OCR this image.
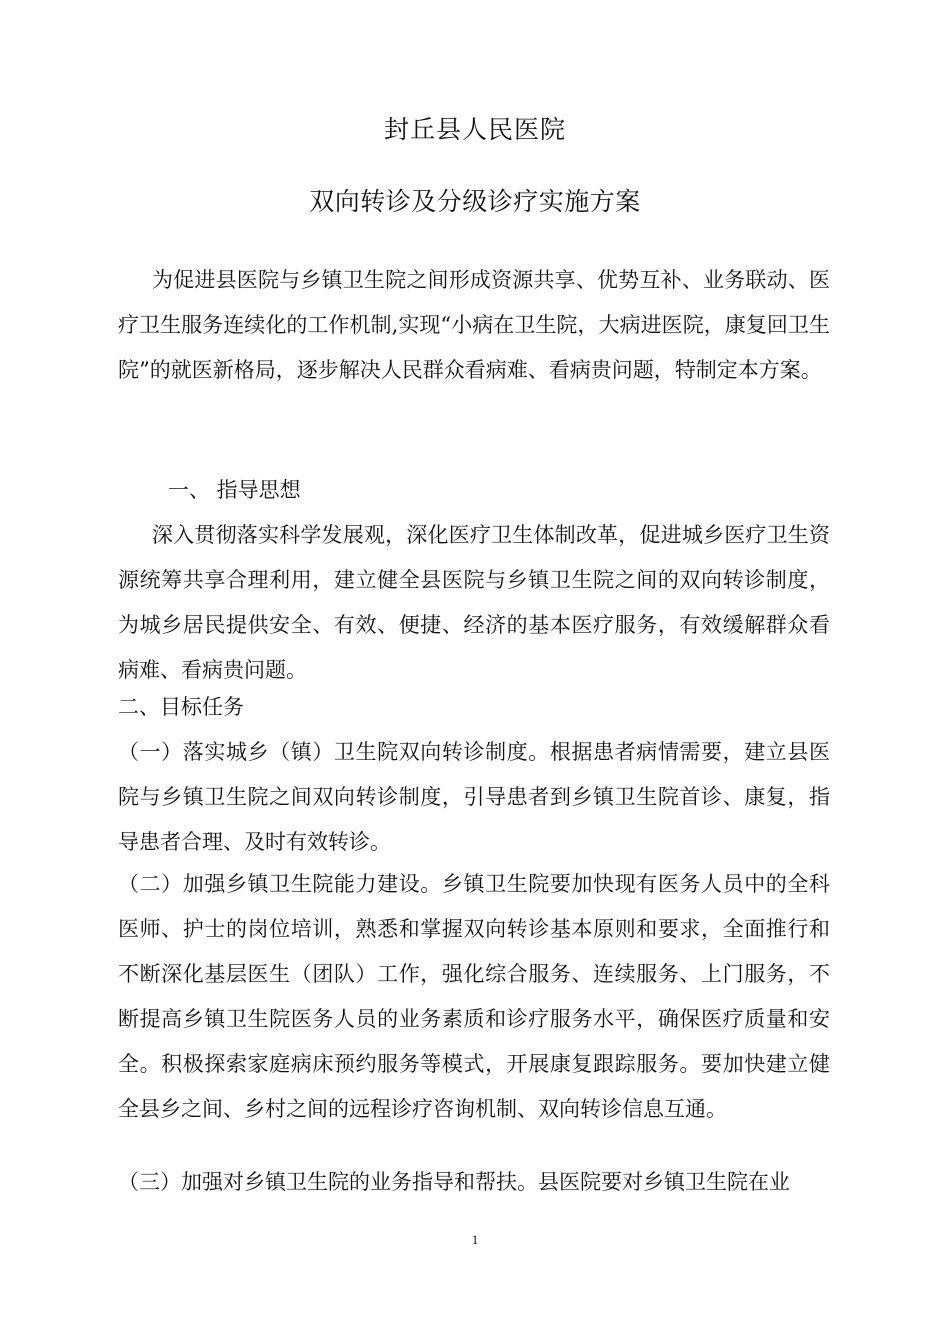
封丘县人民医院
双向转诊及分级诊疗实施方案

为促进县医院与乡镇卫生院之间形成资源共享、优势互补、业务联动、医疗卫生服务连续化的工作机制,实现“小病在卫生院，大病进医院，康复回卫生院”的就医新格局，逐步解决人民群众看病难、看病贵问题，特制定本方案。

一、 指导思想

深入贯彻落实科学发展观，深化医疗卫生体制改革，促进城乡医疗卫生资源统筹共享合理利用，建立健全县医院与乡镇卫生院之间的双向转诊制度，为城乡居民提供安全、有效、便捷、经济的基本医疗服务，有效缓解群众看病难、看病贵问题。

二、目标任务

（一）落实城乡（镇）卫生院双向转诊制度。根据患者病情需要，建立县医院与乡镇卫生院之间双向转诊制度，引导患者到乡镇卫生院首诊、康复，指导患者合理、及时有效转诊。

（二）加强乡镇卫生院能力建设。乡镇卫生院要加快现有医务人员中的全科医师、护士的岗位培训，熟悉和掌握双向转诊基本原则和要求，全面推行和不断深化基层医生（团队）工作，强化综合服务、连续服务、上门服务，不断提高乡镇卫生院医务人员的业务素质和诊疗服务水平，确保医疗质量和安全。积极探索家庭病床预约服务等模式，开展康复跟踪服务。要加快建立健全县乡之间、乡村之间的远程诊疗咨询机制、双向转诊信息互通。

（三）加强对乡镇卫生院的业务指导和帮扶。县医院要对乡镇卫生院在业

1
